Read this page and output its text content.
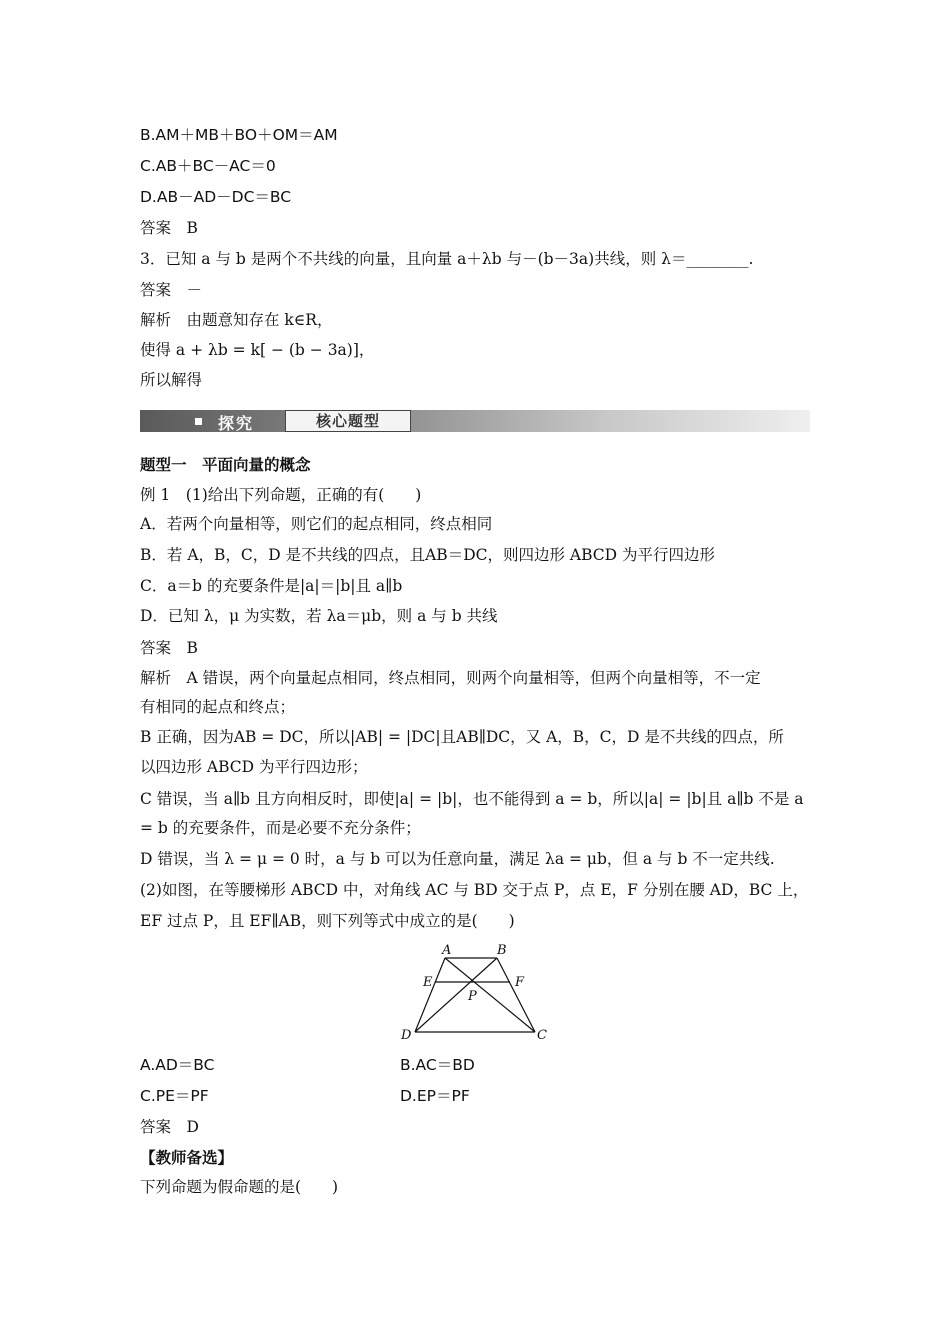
B.AM＋MB＋BO＋OM＝AM
C.AB＋BC－AC＝0
D.AB－AD－DC＝BC
答案　B
3．已知 a 与 b 是两个不共线的向量，且向量 a＋λb 与－(b－3a)共线，则 λ＝________.
答案　－
解析　由题意知存在 k∈R，
使得 a + λb = k[ − (b − 3a)]，
所以解得
探究	核心题型
题型一　平面向量的概念
例 1　(1)给出下列命题，正确的有(　　)
A．若两个向量相等，则它们的起点相同，终点相同
B．若 A，B，C，D 是不共线的四点，且AB＝DC，则四边形 ABCD 为平行四边形
C．a＝b 的充要条件是|a|＝|b|且 a∥b
D．已知 λ，μ 为实数，若 λa＝μb，则 a 与 b 共线
答案　B
解析　A 错误，两个向量起点相同，终点相同，则两个向量相等，但两个向量相等，不一定
有相同的起点和终点；
B 正确，因为AB = DC，所以|AB| = |DC|且AB∥DC，又 A，B，C，D 是不共线的四点，所
以四边形 ABCD 为平行四边形；
C 错误，当 a∥b 且方向相反时，即使|a| = |b|，也不能得到 a = b，所以|a| = |b|且 a∥b 不是 a
= b 的充要条件，而是必要不充分条件；
D 错误，当 λ = μ = 0 时，a 与 b 可以为任意向量，满足 λa = μb，但 a 与 b 不一定共线.
(2)如图，在等腰梯形 ABCD 中，对角线 AC 与 BD 交于点 P，点 E，F 分别在腰 AD，BC 上，
EF 过点 P，且 EF∥AB，则下列等式中成立的是(　　)
A	B
C
D
E	F
P
A.AD＝BC	B.AC＝BD
C.PE＝PF	D.EP＝PF
答案　D
【教师备选】
下列命题为假命题的是(　　)
